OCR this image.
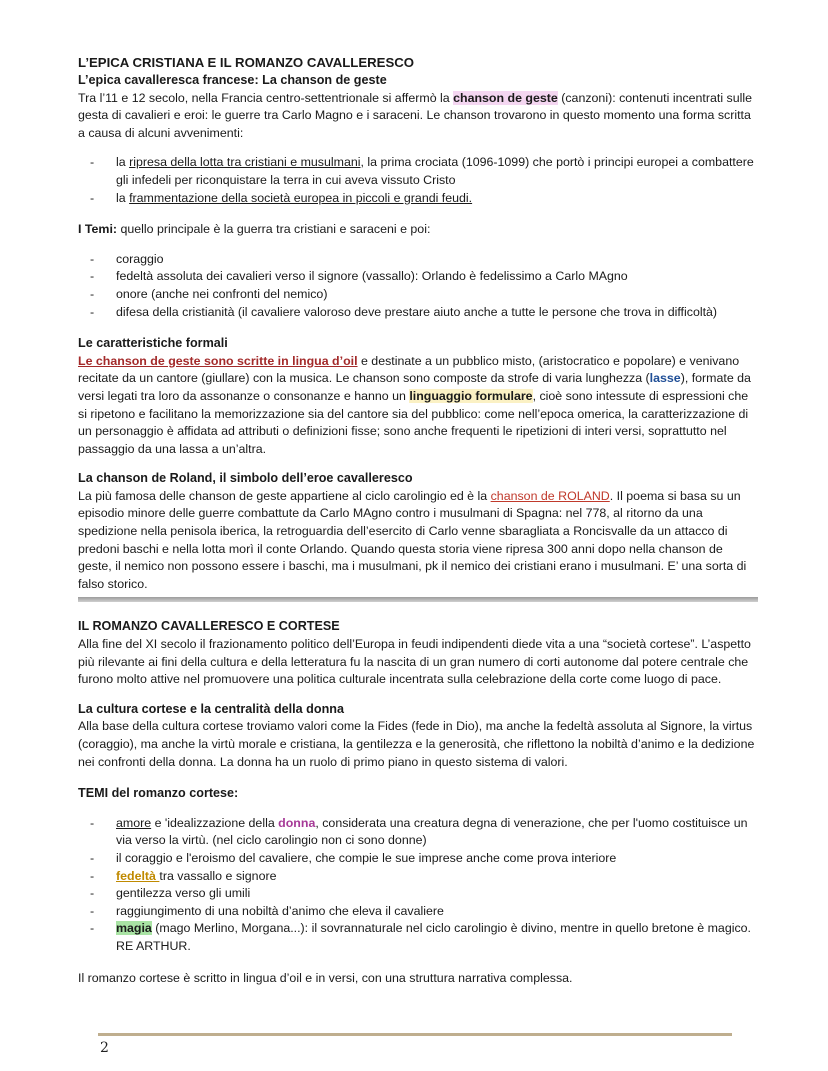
L’EPICA CRISTIANA E IL ROMANZO CAVALLERESCO
L’epica cavalleresca francese: La chanson de geste

Tra l’11 e 12 secolo, nella Francia centro-settentrionale si affermò la chanson de geste (canzoni): contenuti incentrati sulle gesta di cavalieri e eroi: le guerre tra Carlo Magno e i saraceni. Le chanson trovarono in questo momento una forma scritta a causa di alcuni avvenimenti:

- la ripresa della lotta tra cristiani e musulmani, la prima crociata (1096-1099) che portò i principi europei a combattere gli infedeli per riconquistare la terra in cui aveva vissuto Cristo
- la frammentazione della società europea in piccoli e grandi feudi.

I Temi: quello principale è la guerra tra cristiani e saraceni e poi:

- coraggio
- fedeltà assoluta dei cavalieri verso il signore (vassallo): Orlando è fedelissimo a Carlo MAgno
- onore (anche nei confronti del nemico)
- difesa della cristianità (il cavaliere valoroso deve prestare aiuto anche a tutte le persone che trova in difficoltà)
Le caratteristiche formali

Le chanson de geste sono scritte in lingua d’oil e destinate a un pubblico misto, (aristocratico e popolare) e venivano recitate da un cantore (giullare) con la musica. Le chanson sono composte da strofe di varia lunghezza (lasse), formate da versi legati tra loro da assonanze o consonanze e hanno un linguaggio formulare, cioè sono intessute di espressioni che si ripetono e facilitano la memorizzazione sia del cantore sia del pubblico: come nell’epoca omerica, la caratterizzazione di un personaggio è affidata ad attributi o definizioni fisse; sono anche frequenti le ripetizioni di interi versi, soprattutto nel passaggio da una lassa a un’altra.

La chanson de Roland, il simbolo dell’eroe cavalleresco

La più famosa delle chanson de geste appartiene al ciclo carolingio ed è la chanson de ROLAND. Il poema si basa su un episodio minore delle guerre combattute da Carlo MAgno contro i musulmani di Spagna: nel 778, al ritorno da una spedizione nella penisola iberica, la retroguardia dell’esercito di Carlo venne sbaragliata a Roncisvalle da un attacco di predoni baschi e nella lotta morì il conte Orlando. Quando questa storia viene ripresa 300 anni dopo nella chanson de geste, il nemico non possono essere i baschi, ma i musulmani, pk il nemico dei cristiani erano i musulmani. E’ una sorta di falso storico.

IL ROMANZO CAVALLERESCO E CORTESE

Alla fine del XI secolo il frazionamento politico dell’Europa in feudi indipendenti diede vita a una “società cortese”. L’aspetto più rilevante ai fini della cultura e della letteratura fu la nascita di un gran numero di corti autonome dal potere centrale che furono molto attive nel promuovere una politica culturale incentrata sulla celebrazione della corte come luogo di pace.

La cultura cortese e la centralità della donna

Alla base della cultura cortese troviamo valori come la Fides (fede in Dio), ma anche la fedeltà assoluta al Signore, la virtus (coraggio), ma anche la virtù morale e cristiana, la gentilezza e la generosità, che riflettono la nobiltà d’animo e la dedizione nei confronti della donna. La donna ha un ruolo di primo piano in questo sistema di valori.

TEMI del romanzo cortese:
- amore e 'idealizzazione della donna, considerata una creatura degna di venerazione, che per l'uomo costituisce un via verso la virtù. (nel ciclo carolingio non ci sono donne)
- il coraggio e l'eroismo del cavaliere, che compie le sue imprese anche come prova interiore
- fedeltà tra vassallo e signore
- gentilezza verso gli umili
- raggiungimento di una nobiltà d’animo che eleva il cavaliere
- magia (mago Merlino, Morgana...): il sovrannaturale nel ciclo carolingio è divino, mentre in quello bretone è magico. RE ARTHUR.

Il romanzo cortese è scritto in lingua d’oil e in versi, con una struttura narrativa complessa.

2
